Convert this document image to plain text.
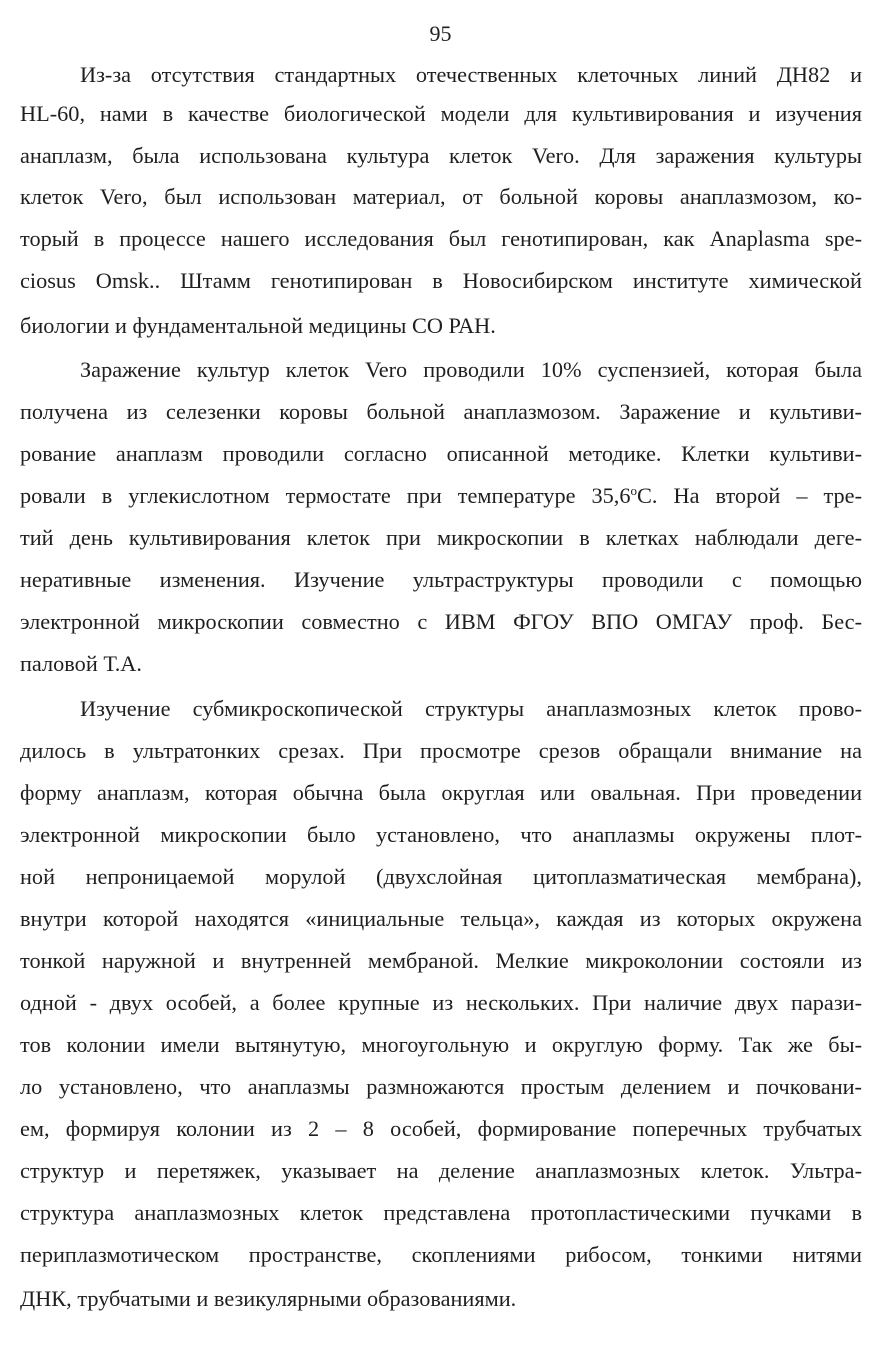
95
Из-за отсутствия стандартных отечественных клеточных линий ДН82 и
HL-60, нами в качестве биологической модели для культивирования и изучения
анаплазм, была использована культура клеток Vero. Для заражения культуры
клеток Vero, был использован материал, от больной коровы анаплазмозом, ко-
торый в процессе нашего исследования был генотипирован, как Anaplasma spe-
ciosus Omsk.. Штамм генотипирован в Новосибирском институте химической
биологии и фундаментальной медицины СО РАН.
Заражение культур клеток Vero проводили 10% суспензией, которая была
получена из селезенки коровы больной анаплазмозом. Заражение и культиви-
рование анаплазм проводили согласно описанной методике. Клетки культиви-
ровали в углекислотном термостате при температуре $35,6^оС$. На второй – тре-
тий день культивирования клеток при микроскопии в клетках наблюдали деге-
неративные изменения. Изучение ультраструктуры проводили с помощью
электронной микроскопии совместно с ИВМ ФГОУ ВПО ОМГАУ проф. Бес-
паловой Т.А.
Изучение субмикроскопической структуры анаплазмозных клеток прово-
дилось в ультратонких срезах. При просмотре срезов обращали внимание на
форму анаплазм, которая обычна была округлая или овальная. При проведении
электронной микроскопии было установлено, что анаплазмы окружены плот-
ной непроницаемой морулой (двухслойная цитоплазматическая мембрана),
внутри которой находятся «инициальные тельца», каждая из которых окружена
тонкой наружной и внутренней мембраной. Мелкие микроколонии состояли из
одной - двух особей, а более крупные из нескольких. При наличие двух парази-
тов колонии имели вытянутую, многоугольную и округлую форму. Так же бы-
ло установлено, что анаплазмы размножаются простым делением и почковани-
ем, формируя колонии из 2 – 8 особей, формирование поперечных трубчатых
структур и перетяжек, указывает на деление анаплазмозных клеток. Ультра-
структура анаплазмозных клеток представлена протопластическими пучками в
периплазмотическом пространстве, скоплениями рибосом, тонкими нитями
ДНК, трубчатыми и везикулярными образованиями.
